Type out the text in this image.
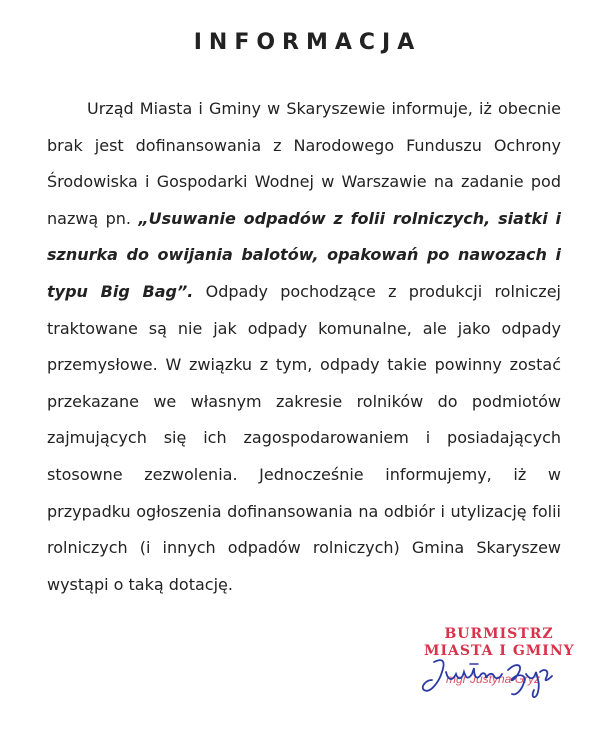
INFORMACJA

Urząd Miasta i Gminy w Skaryszewie informuje, iż obecnie brak jest dofinansowania z Narodowego Funduszu Ochrony Środowiska i Gospodarki Wodnej w Warszawie na zadanie pod nazwą pn. „Usuwanie odpadów z folii rolniczych, siatki i sznurka do owijania balotów, opakowań po nawozach i typu Big Bag”. Odpady pochodzące z produkcji rolniczej traktowane są nie jak odpady komunalne, ale jako odpady przemysłowe. W związku z tym, odpady takie powinny zostać przekazane we własnym zakresie rolników do podmiotów zajmujących się ich zagospodarowaniem i posiadających stosowne zezwolenia. Jednocześnie informujemy, iż w przypadku ogłoszenia dofinansowania na odbiór i utylizację folii rolniczych (i innych odpadów rolniczych) Gmina Skaryszew wystąpi o taką dotację.

BURMISTRZ
MIASTA I GMINY
mgr Justyna Gryz
